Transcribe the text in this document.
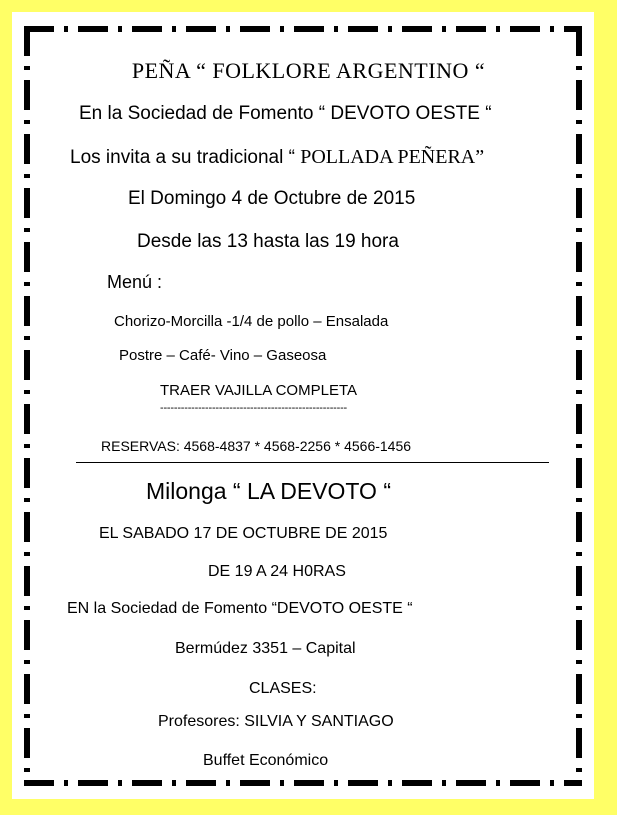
PEÑA “ FOLKLORE ARGENTINO “

En la Sociedad de Fomento “ DEVOTO OESTE “

Los invita a su tradicional “ POLLADA PEÑERA”

El Domingo 4 de Octubre de 2015

Desde las 13 hasta las 19 hora

Menú :

Chorizo-Morcilla -1/4 de pollo – Ensalada

Postre – Café- Vino – Gaseosa

TRAER VAJILLA COMPLETA

------------------------------------------------------

RESERVAS: 4568-4837 * 4568-2256 * 4566-1456

Milonga “ LA DEVOTO “

EL SABADO 17 DE OCTUBRE DE 2015

DE 19 A 24 H0RAS

EN la Sociedad de Fomento “DEVOTO OESTE “

Bermúdez 3351 – Capital

CLASES:

Profesores: SILVIA Y SANTIAGO

Buffet Económico
